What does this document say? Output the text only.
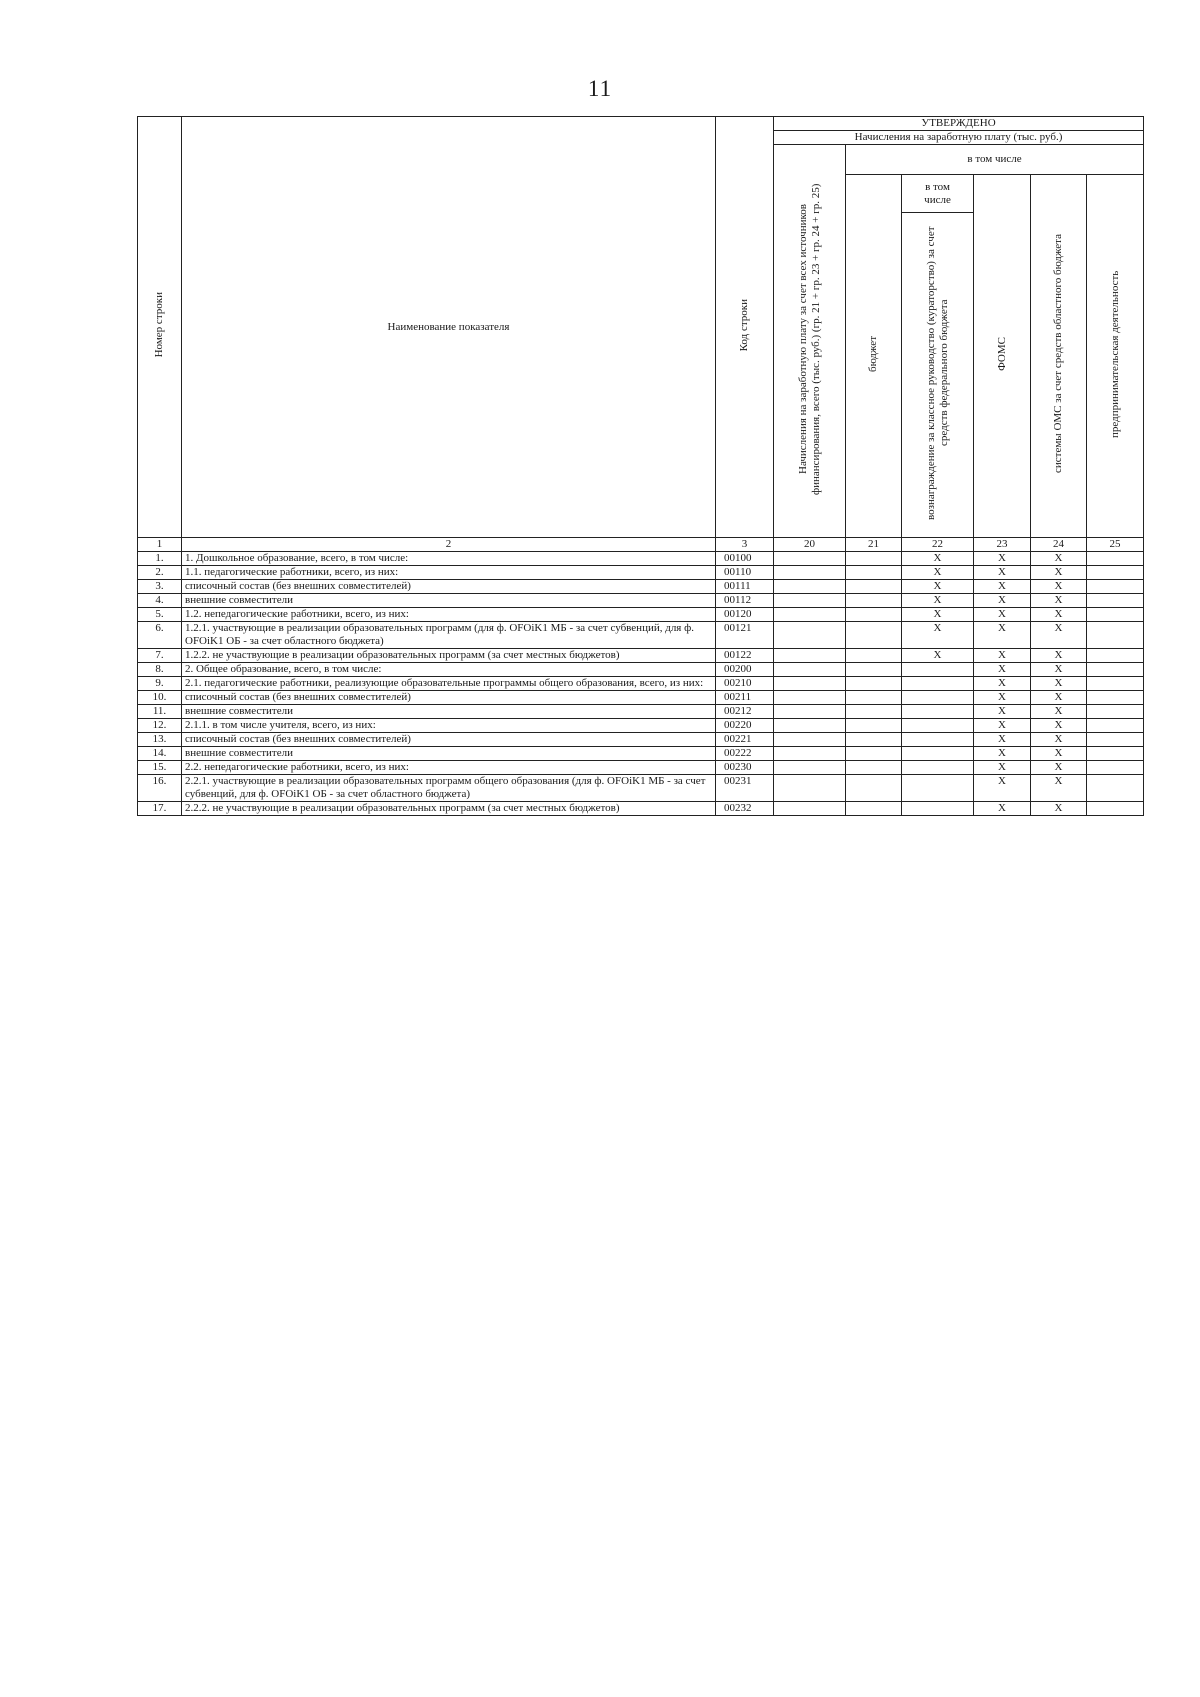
11
Номер строки	Наименование показателя	Код строки	УТВЕРЖДЕНО					
			Начисления на заработную плату (тыс. руб.)					
			Начисления на заработную плату за счет всех источников финансирования, всего (тыс. руб.) (гр. 21 + гр. 23 + гр. 24 + гр. 25)	в том числе				
				бюджет	в том числе	ФОМС	системы ОМС за счет средств областного бюджета	предпринимательская деятельность
					вознаграждение за классное руководство (кураторство) за счет средств федерального бюджета			
1	2	3	20	21	22	23	24	25
1.	1. Дошкольное образование, всего, в том числе:	00100			X	X	X	
2.	1.1. педагогические работники, всего, из них:	00110			X	X	X	
3.	списочный состав (без внешних совместителей)	00111			X	X	X	
4.	внешние совместители	00112			X	X	X	
5.	1.2. непедагогические работники, всего, из них:	00120			X	X	X	
6.	1.2.1. участвующие в реализации образовательных программ (для ф. OFOiK1 МБ - за счет субвенций, для ф. OFOiK1 ОБ - за счет областного бюджета)	00121			X	X	X	
7.	1.2.2. не участвующие в реализации образовательных программ (за счет местных бюджетов)	00122			X	X	X	
8.	2. Общее образование, всего, в том числе:	00200				X	X	
9.	2.1. педагогические работники, реализующие образовательные программы общего образования, всего, из них:	00210				X	X	
10.	списочный состав (без внешних совместителей)	00211				X	X	
11.	внешние совместители	00212				X	X	
12.	2.1.1. в том числе учителя, всего, из них:	00220				X	X	
13.	списочный состав (без внешних совместителей)	00221				X	X	
14.	внешние совместители	00222				X	X	
15.	2.2. непедагогические работники, всего, из них:	00230				X	X	
16.	2.2.1. участвующие в реализации образовательных программ общего образования (для ф. OFOiK1 МБ - за счет субвенций, для ф. OFOiK1 ОБ - за счет областного бюджета)	00231				X	X	
17.	2.2.2. не участвующие в реализации образовательных программ (за счет местных бюджетов)	00232				X	X	
